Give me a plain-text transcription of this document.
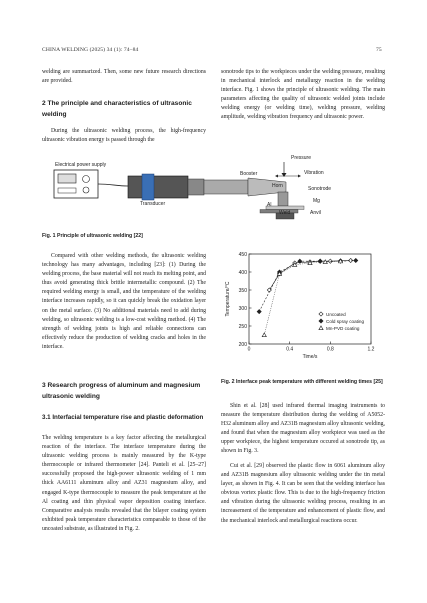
CHINA WELDING (2025) 34 (1): 74–84	75

welding are summarized. Then, some new future research directions are provided.

2 The principle and characteristics of ultrasonic welding

During the ultrasonic welding process, the high-frequency ultrasonic vibration energy is passed through the

sonotrode tips to the workpieces under the welding pressure, resulting in mechanical interlock and metallurgy reaction in the welding interface. Fig. 1 shows the principle of ultrasonic welding. The main parameters affecting the quality of ultrasonic welded joints include welding energy (or welding time), welding pressure, welding amplitude, welding vibration frequency and ultrasonic power.

Electrical power supply
Transducer
Booster
Horn
Pressure
Vibration
Sonotrode
Mg
Al
Weld	Anvil
Fig. 1 Principle of ultrasonic welding [22]

Compared with other welding methods, the ultrasonic welding technology has many advantages, including [23]: (1) During the welding process, the base material will not reach its melting point, and thus avoid generating thick brittle intermetallic compound. (2) The required welding energy is small, and the temperature of the welding interface increases rapidly, so it can quickly break the oxidation layer on the metal surface. (3) No additional materials need to add during welding, so ultrasonic welding is a low-cost welding method. (4) The strength of welding joints is high and reliable connections can effectively reduce the production of welding cracks and holes in the interface.

3 Research progress of aluminum and magnesium ultrasonic welding
3.1 Interfacial temperature rise and plastic deformation

The welding temperature is a key factor affecting the metallurgical reaction of the interface. The interface temperature during the ultrasonic welding process is mainly measured by the K-type thermocouple or infrared thermometer [24]. Panteli et al. [25–27] successfully proposed the high-power ultrasonic welding of 1 mm thick AA6111 aluminum alloy and AZ31 magnesium alloy, and engaged K-type thermocouple to measure the peak temperature at the Al coating and thin physical vapor deposition coating interface. Comparative analysis results revealed that the bilayer coating system exhibited peak temperature characteristics comparable to those of the uncoated substrate, as illustrated in Fig. 2.

200
250
300
350
400
450
0	0.4	0.8	1.2
Time/s
Temperature/°C	Uncoated
Cold spray coating
Mn-PVD coating
Fig. 2 Interface peak temperature with different welding times [25]

Shin et al. [28] used infrared thermal imaging instruments to measure the temperature distribution during the welding of A5052-H32 aluminum alloy and AZ31B magnesium alloy ultrasonic welding, and found that when the magnesium alloy workpiece was used as the upper workpiece, the highest temperature occured at sonotrode tip, as shown in Fig. 3.

Cui et al. [29] observed the plastic flow in 6061 aluminum alloy and AZ31B magnesium alloy ultrasonic welding under the tin metal layer, as shown in Fig. 4. It can be seen that the welding interface has obvious vortex plastic flow. This is due to the high-frequency friction and vibration during the ultrasonic welding process, resulting in an increasement of the temperature and enhancement of plastic flow, and the mechanical interlock and metallurgical reactions occur.
